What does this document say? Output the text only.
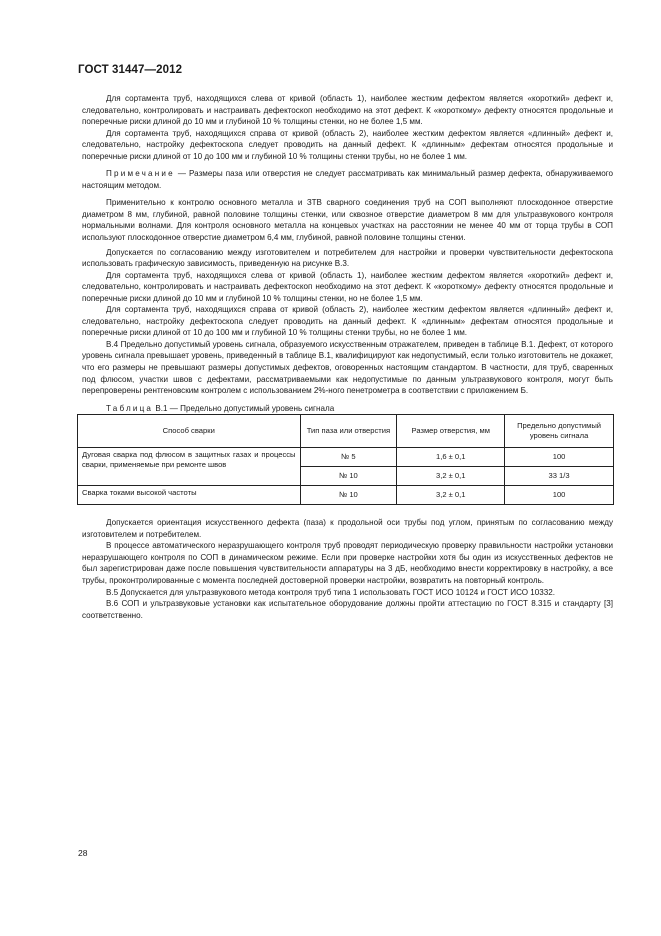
ГОСТ 31447—2012

Для сортамента труб, находящихся слева от кривой (область 1), наиболее жестким дефектом является «короткий» дефект и, следовательно, контролировать и настраивать дефектоскоп необходимо на этот дефект. К «короткому» дефекту относятся продольные и поперечные риски длиной до 10 мм и глубиной 10 % толщины стенки, но не более 1,5 мм.

Для сортамента труб, находящихся справа от кривой (область 2), наиболее жестким дефектом является «длинный» дефект и, следовательно, настройку дефектоскопа следует проводить на данный дефект. К «длинным» дефектам относятся продольные и поперечные риски длиной от 10 до 100 мм и глубиной 10 % толщины стенки трубы, но не более 1 мм.

Примечание — Размеры паза или отверстия не следует рассматривать как минимальный размер дефекта, обнаруживаемого настоящим методом.

Применительно к контролю основного металла и ЗТВ сварного соединения труб на СОП выполняют плоскодонное отверстие диаметром 8 мм, глубиной, равной половине толщины стенки, или сквозное отверстие диаметром 8 мм для ультразвукового контроля нормальными волнами. Для контроля основного металла на концевых участках на расстоянии не менее 40 мм от торца трубы в СОП используют плоскодонное отверстие диаметром 6,4 мм, глубиной, равной половине толщины стенки.

Допускается по согласованию между изготовителем и потребителем для настройки и проверки чувствительности дефектоскопа использовать графическую зависимость, приведенную на рисунке В.3.

Для сортамента труб, находящихся слева от кривой (область 1), наиболее жестким дефектом является «короткий» дефект и, следовательно, контролировать и настраивать дефектоскоп необходимо на этот дефект. К «короткому» дефекту относятся продольные и поперечные риски длиной до 10 мм и глубиной 10 % толщины стенки, но не более 1,5 мм.

Для сортамента труб, находящихся справа от кривой (область 2), наиболее жестким дефектом является «длинный» дефект и, следовательно, настройку дефектоскопа следует проводить на данный дефект. К «длинным» дефектам относятся продольные и поперечные риски длиной от 10 до 100 мм и глубиной 10 % толщины стенки трубы, но не более 1 мм.

В.4 Предельно допустимый уровень сигнала, образуемого искусственным отражателем, приведен в таблице В.1. Дефект, от которого уровень сигнала превышает уровень, приведенный в таблице В.1, квалифицируют как недопустимый, если только изготовитель не докажет, что его размеры не превышают размеры допустимых дефектов, оговоренных настоящим стандартом. В частности, для труб, сваренных под флюсом, участки швов с дефектами, рассматриваемыми как недопустимые по данным ультразвукового контроля, могут быть перепроверены рентгеновским контролем с использованием 2%-ного пенетрометра в соответствии с приложением Б.

Таблица В.1 — Предельно допустимый уровень сигнала

Способ сварки	Тип паза или отверстия	Размер отверстия, мм	Предельно допустимый уровень сигнала
Дуговая сварка под флюсом в защитных газах и процессы сварки, применяемые при ремонте швов	№ 5	1,6 ± 0,1	100
	№ 10	3,2 ± 0,1	33 1/3
Сварка токами высокой частоты	№ 10	3,2 ± 0,1	100

Допускается ориентация искусственного дефекта (паза) к продольной оси трубы под углом, принятым по согласованию между изготовителем и потребителем.

В процессе автоматического неразрушающего контроля труб проводят периодическую проверку правильности настройки установки неразрушающего контроля по СОП в динамическом режиме. Если при проверке настройки хотя бы один из искусственных дефектов не был зарегистрирован даже после повышения чувствительности аппаратуры на 3 дБ, необходимо внести корректировку в настройку, а все трубы, проконтролированные с момента последней достоверной проверки настройки, возвратить на повторный контроль.

В.5 Допускается для ультразвукового метода контроля труб типа 1 использовать ГОСТ ИСО 10124 и ГОСТ ИСО 10332.

В.6 СОП и ультразвуковые установки как испытательное оборудование должны пройти аттестацию по ГОСТ 8.315 и стандарту [3] соответственно.

28
